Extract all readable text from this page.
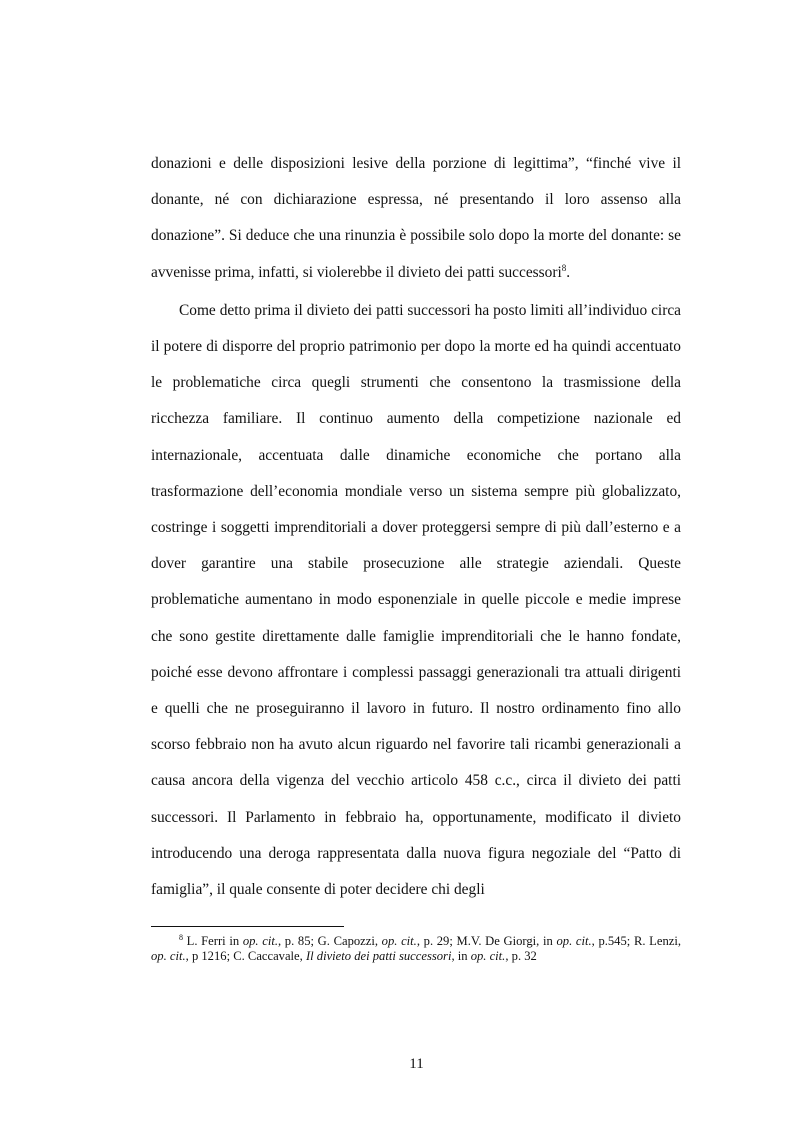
donazioni e delle disposizioni lesive della porzione di legittima”, “finché vive il donante, né con dichiarazione espressa, né presentando il loro assenso alla donazione”. Si deduce che una rinunzia è possibile solo dopo la morte del donante: se avvenisse prima, infatti, si violerebbe il divieto dei patti successori$^8$.

Come detto prima il divieto dei patti successori ha posto limiti all’individuo circa il potere di disporre del proprio patrimonio per dopo la morte ed ha quindi accentuato le problematiche circa quegli strumenti che consentono la trasmissione della ricchezza familiare. Il continuo aumento della competizione nazionale ed internazionale, accentuata dalle dinamiche economiche che portano alla trasformazione dell’economia mondiale verso un sistema sempre più globalizzato, costringe i soggetti imprenditoriali a dover proteggersi sempre di più dall’esterno e a dover garantire una stabile prosecuzione alle strategie aziendali. Queste problematiche aumentano in modo esponenziale in quelle piccole e medie imprese che sono gestite direttamente dalle famiglie imprenditoriali che le hanno fondate, poiché esse devono affrontare i complessi passaggi generazionali tra attuali dirigenti e quelli che ne proseguiranno il lavoro in futuro. Il nostro ordinamento fino allo scorso febbraio non ha avuto alcun riguardo nel favorire tali ricambi generazionali a causa ancora della vigenza del vecchio articolo 458 c.c., circa il divieto dei patti successori. Il Parlamento in febbraio ha, opportunamente, modificato il divieto introducendo una deroga rappresentata dalla nuova figura negoziale del “Patto di famiglia”, il quale consente di poter decidere chi degli

$^8$ L. Ferri in op. cit., p. 85; G. Capozzi, op. cit., p. 29; M.V. De Giorgi, in op. cit., p.545; R. Lenzi, op. cit., p 1216; C. Caccavale, Il divieto dei patti successori, in op. cit., p. 32
11
